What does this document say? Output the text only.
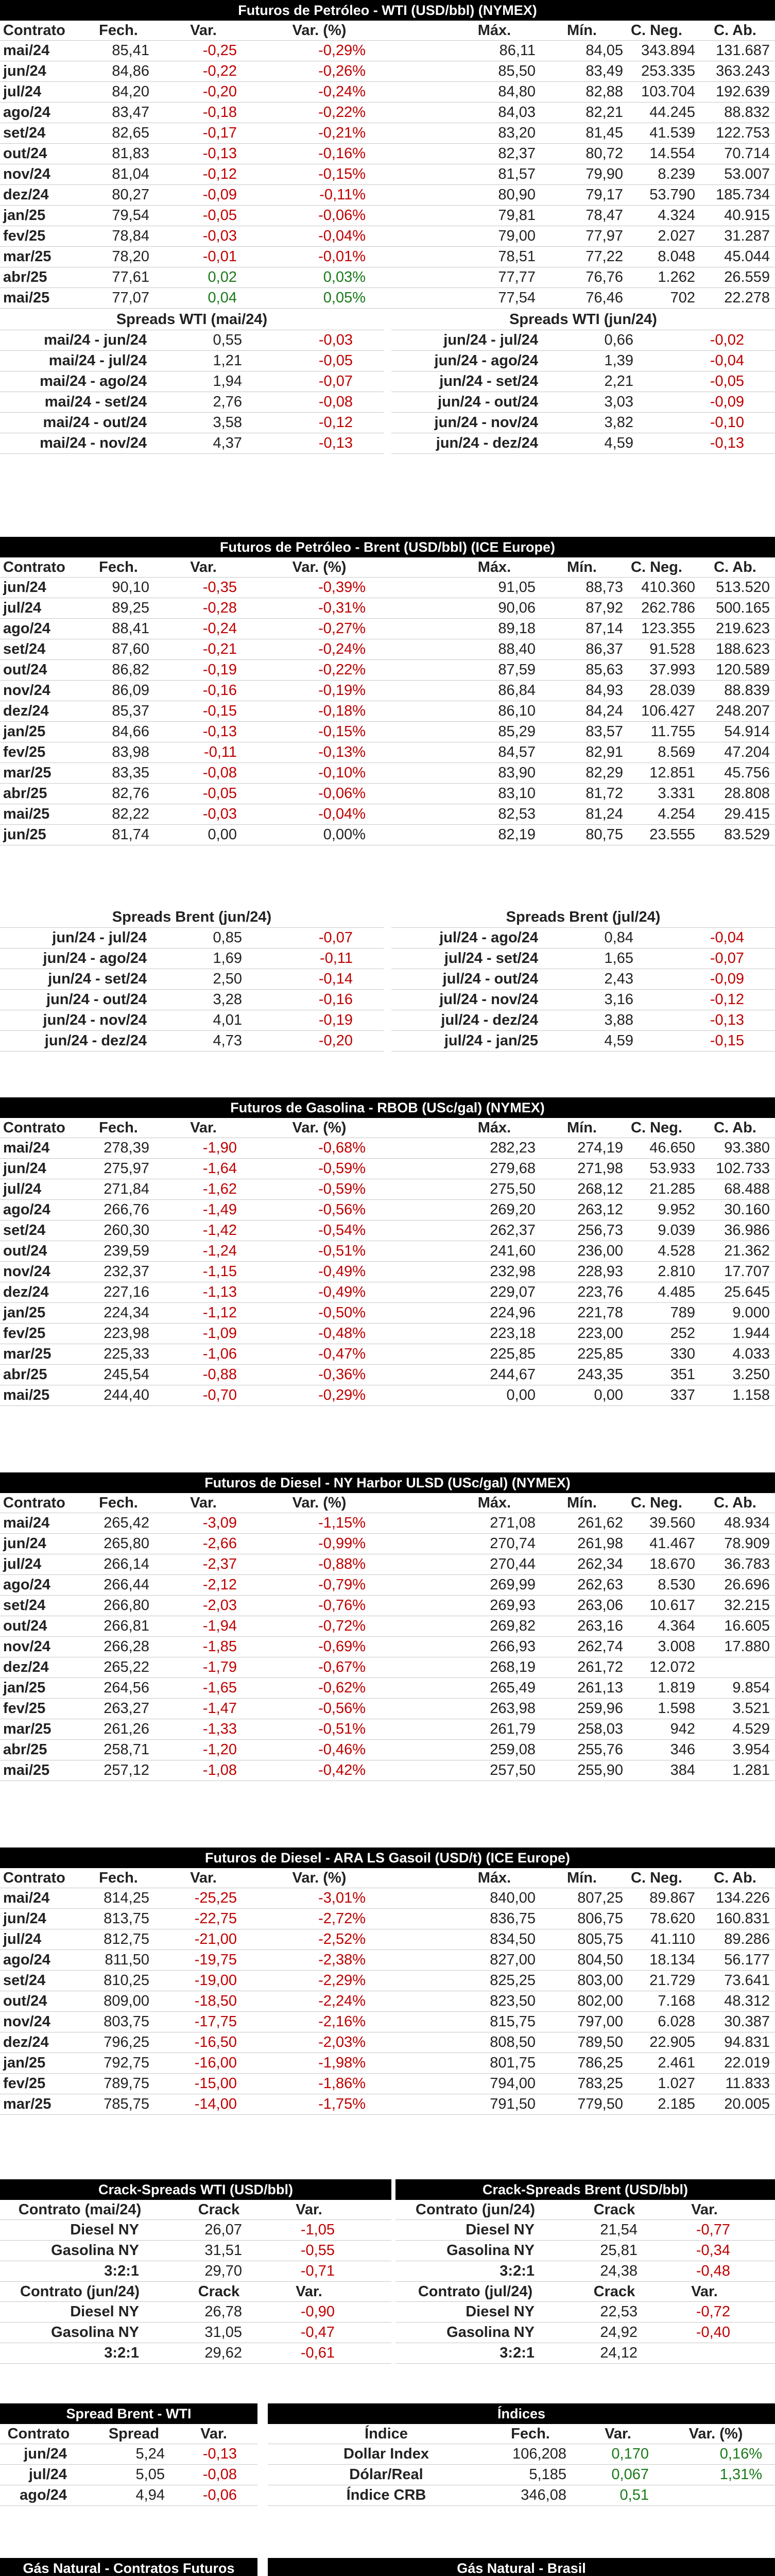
Futuros de Petróleo - WTI (USD/bbl) (NYMEX)
Contrato	Fech.	Var.	Var. (%)	Máx.	Mín.	C. Neg.	C. Ab.
mai/24	85,41	-0,25	-0,29%	86,11	84,05	343.894	131.687
jun/24	84,86	-0,22	-0,26%	85,50	83,49	253.335	363.243
jul/24	84,20	-0,20	-0,24%	84,80	82,88	103.704	192.639
ago/24	83,47	-0,18	-0,22%	84,03	82,21	44.245	88.832
set/24	82,65	-0,17	-0,21%	83,20	81,45	41.539	122.753
out/24	81,83	-0,13	-0,16%	82,37	80,72	14.554	70.714
nov/24	81,04	-0,12	-0,15%	81,57	79,90	8.239	53.007
dez/24	80,27	-0,09	-0,11%	80,90	79,17	53.790	185.734
jan/25	79,54	-0,05	-0,06%	79,81	78,47	4.324	40.915
fev/25	78,84	-0,03	-0,04%	79,00	77,97	2.027	31.287
mar/25	78,20	-0,01	-0,01%	78,51	77,22	8.048	45.044
abr/25	77,61	0,02	0,03%	77,77	76,76	1.262	26.559
mai/25	77,07	0,04	0,05%	77,54	76,46	702	22.278
Spreads WTI (mai/24)
mai/24 - jun/24	0,55	-0,03
mai/24 - jul/24	1,21	-0,05
mai/24 - ago/24	1,94	-0,07
mai/24 - set/24	2,76	-0,08
mai/24 - out/24	3,58	-0,12
mai/24 - nov/24	4,37	-0,13
Spreads WTI (jun/24)
jun/24 - jul/24	0,66	-0,02
jun/24 - ago/24	1,39	-0,04
jun/24 - set/24	2,21	-0,05
jun/24 - out/24	3,03	-0,09
jun/24 - nov/24	3,82	-0,10
jun/24 - dez/24	4,59	-0,13
Futuros de Petróleo - Brent (USD/bbl) (ICE Europe)
Contrato	Fech.	Var.	Var. (%)	Máx.	Mín.	C. Neg.	C. Ab.
jun/24	90,10	-0,35	-0,39%	91,05	88,73	410.360	513.520
jul/24	89,25	-0,28	-0,31%	90,06	87,92	262.786	500.165
ago/24	88,41	-0,24	-0,27%	89,18	87,14	123.355	219.623
set/24	87,60	-0,21	-0,24%	88,40	86,37	91.528	188.623
out/24	86,82	-0,19	-0,22%	87,59	85,63	37.993	120.589
nov/24	86,09	-0,16	-0,19%	86,84	84,93	28.039	88.839
dez/24	85,37	-0,15	-0,18%	86,10	84,24	106.427	248.207
jan/25	84,66	-0,13	-0,15%	85,29	83,57	11.755	54.914
fev/25	83,98	-0,11	-0,13%	84,57	82,91	8.569	47.204
mar/25	83,35	-0,08	-0,10%	83,90	82,29	12.851	45.756
abr/25	82,76	-0,05	-0,06%	83,10	81,72	3.331	28.808
mai/25	82,22	-0,03	-0,04%	82,53	81,24	4.254	29.415
jun/25	81,74	0,00	0,00%	82,19	80,75	23.555	83.529
Spreads Brent (jun/24)
jun/24 - jul/24	0,85	-0,07
jun/24 - ago/24	1,69	-0,11
jun/24 - set/24	2,50	-0,14
jun/24 - out/24	3,28	-0,16
jun/24 - nov/24	4,01	-0,19
jun/24 - dez/24	4,73	-0,20
Spreads Brent (jul/24)
jul/24 - ago/24	0,84	-0,04
jul/24 - set/24	1,65	-0,07
jul/24 - out/24	2,43	-0,09
jul/24 - nov/24	3,16	-0,12
jul/24 - dez/24	3,88	-0,13
jul/24 - jan/25	4,59	-0,15
Futuros de Gasolina - RBOB (USc/gal) (NYMEX)
Contrato	Fech.	Var.	Var. (%)	Máx.	Mín.	C. Neg.	C. Ab.
mai/24	278,39	-1,90	-0,68%	282,23	274,19	46.650	93.380
jun/24	275,97	-1,64	-0,59%	279,68	271,98	53.933	102.733
jul/24	271,84	-1,62	-0,59%	275,50	268,12	21.285	68.488
ago/24	266,76	-1,49	-0,56%	269,20	263,12	9.952	30.160
set/24	260,30	-1,42	-0,54%	262,37	256,73	9.039	36.986
out/24	239,59	-1,24	-0,51%	241,60	236,00	4.528	21.362
nov/24	232,37	-1,15	-0,49%	232,98	228,93	2.810	17.707
dez/24	227,16	-1,13	-0,49%	229,07	223,76	4.485	25.645
jan/25	224,34	-1,12	-0,50%	224,96	221,78	789	9.000
fev/25	223,98	-1,09	-0,48%	223,18	223,00	252	1.944
mar/25	225,33	-1,06	-0,47%	225,85	225,85	330	4.033
abr/25	245,54	-0,88	-0,36%	244,67	243,35	351	3.250
mai/25	244,40	-0,70	-0,29%	0,00	0,00	337	1.158
Futuros de Diesel - NY Harbor ULSD (USc/gal) (NYMEX)
Contrato	Fech.	Var.	Var. (%)	Máx.	Mín.	C. Neg.	C. Ab.
mai/24	265,42	-3,09	-1,15%	271,08	261,62	39.560	48.934
jun/24	265,80	-2,66	-0,99%	270,74	261,98	41.467	78.909
jul/24	266,14	-2,37	-0,88%	270,44	262,34	18.670	36.783
ago/24	266,44	-2,12	-0,79%	269,99	262,63	8.530	26.696
set/24	266,80	-2,03	-0,76%	269,93	263,06	10.617	32.215
out/24	266,81	-1,94	-0,72%	269,82	263,16	4.364	16.605
nov/24	266,28	-1,85	-0,69%	266,93	262,74	3.008	17.880
dez/24	265,22	-1,79	-0,67%	268,19	261,72	12.072
jan/25	264,56	-1,65	-0,62%	265,49	261,13	1.819	9.854
fev/25	263,27	-1,47	-0,56%	263,98	259,96	1.598	3.521
mar/25	261,26	-1,33	-0,51%	261,79	258,03	942	4.529
abr/25	258,71	-1,20	-0,46%	259,08	255,76	346	3.954
mai/25	257,12	-1,08	-0,42%	257,50	255,90	384	1.281
Futuros de Diesel - ARA LS Gasoil (USD/t) (ICE Europe)
Contrato	Fech.	Var.	Var. (%)	Máx.	Mín.	C. Neg.	C. Ab.
mai/24	814,25	-25,25	-3,01%	840,00	807,25	89.867	134.226
jun/24	813,75	-22,75	-2,72%	836,75	806,75	78.620	160.831
jul/24	812,75	-21,00	-2,52%	834,50	805,75	41.110	89.286
ago/24	811,50	-19,75	-2,38%	827,00	804,50	18.134	56.177
set/24	810,25	-19,00	-2,29%	825,25	803,00	21.729	73.641
out/24	809,00	-18,50	-2,24%	823,50	802,00	7.168	48.312
nov/24	803,75	-17,75	-2,16%	815,75	797,00	6.028	30.387
dez/24	796,25	-16,50	-2,03%	808,50	789,50	22.905	94.831
jan/25	792,75	-16,00	-1,98%	801,75	786,25	2.461	22.019
fev/25	789,75	-15,00	-1,86%	794,00	783,25	1.027	11.833
mar/25	785,75	-14,00	-1,75%	791,50	779,50	2.185	20.005
Crack-Spreads WTI (USD/bbl)
Contrato (mai/24)	Crack	Var.
Diesel NY	26,07	-1,05
Gasolina NY	31,51	-0,55
3:2:1	29,70	-0,71
Contrato (jun/24)	Crack	Var.
Diesel NY	26,78	-0,90
Gasolina NY	31,05	-0,47
3:2:1	29,62	-0,61
Crack-Spreads Brent (USD/bbl)
Contrato (jun/24)	Crack	Var.
Diesel NY	21,54	-0,77
Gasolina NY	25,81	-0,34
3:2:1	24,38	-0,48
Contrato (jul/24)	Crack	Var.
Diesel NY	22,53	-0,72
Gasolina NY	24,92	-0,40
3:2:1	24,12
Spread Brent - WTI
Contrato	Spread	Var.
jun/24	5,24	-0,13
jul/24	5,05	-0,08
ago/24	4,94	-0,06
Índices
Índice	Fech.	Var.	Var. (%)
Dollar Index	106,208	0,170	0,16%
Dólar/Real	5,185	0,067	1,31%
Índice CRB	346,08	0,51
Gás Natural - Contratos Futuros	Gás Natural - Brasil
